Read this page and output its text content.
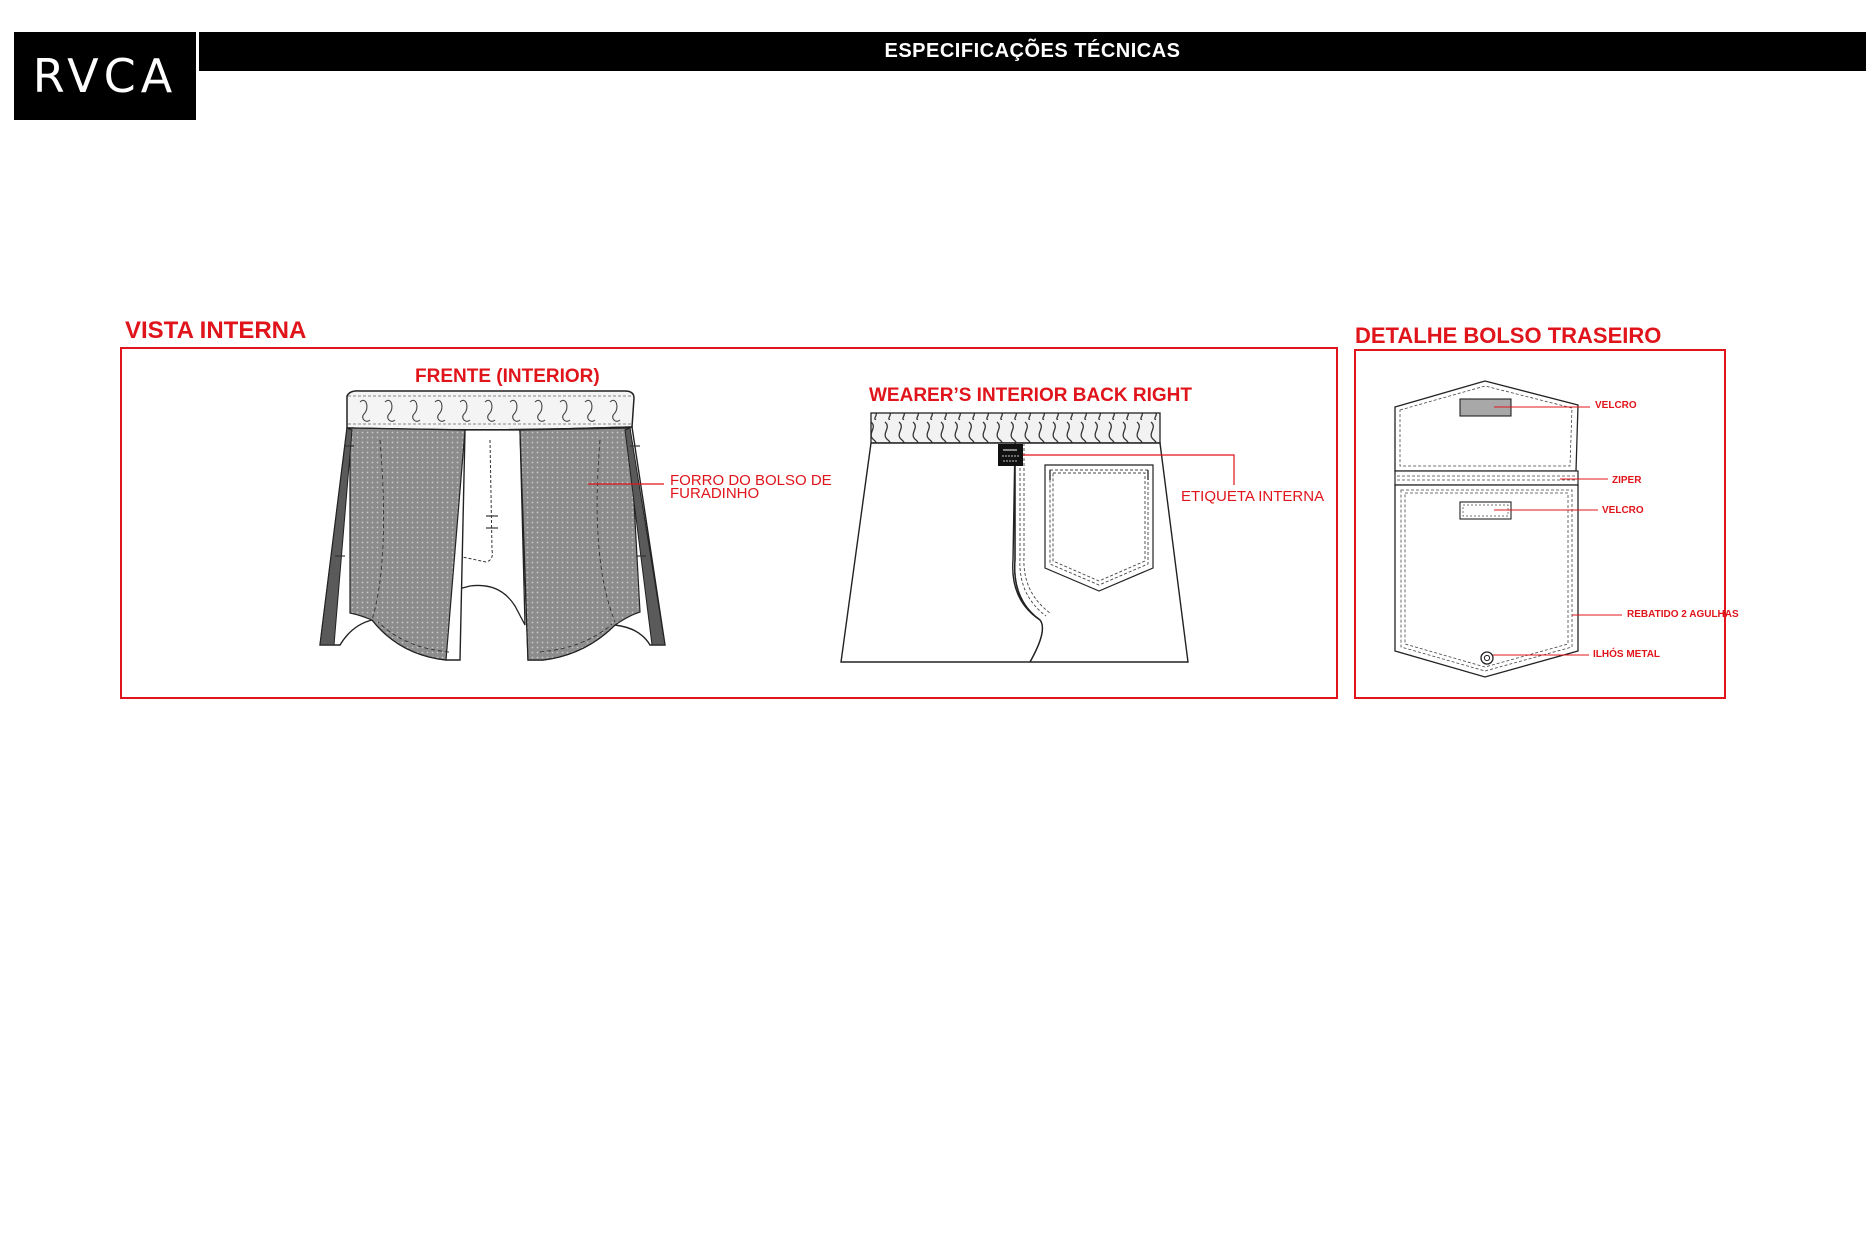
RVCA	ESPECIFICAÇÕES TÉCNICAS
VISTA INTERNA	DETALHE BOLSO TRASEIRO
FRENTE (INTERIOR)
WEARER’S INTERIOR BACK RIGHT
FORRO DO BOLSO DE
FURADINHO	ETIQUETA INTERNA
VELCRO
ZIPER
VELCRO
REBATIDO 2 AGULHAS
ILHÓS METAL
